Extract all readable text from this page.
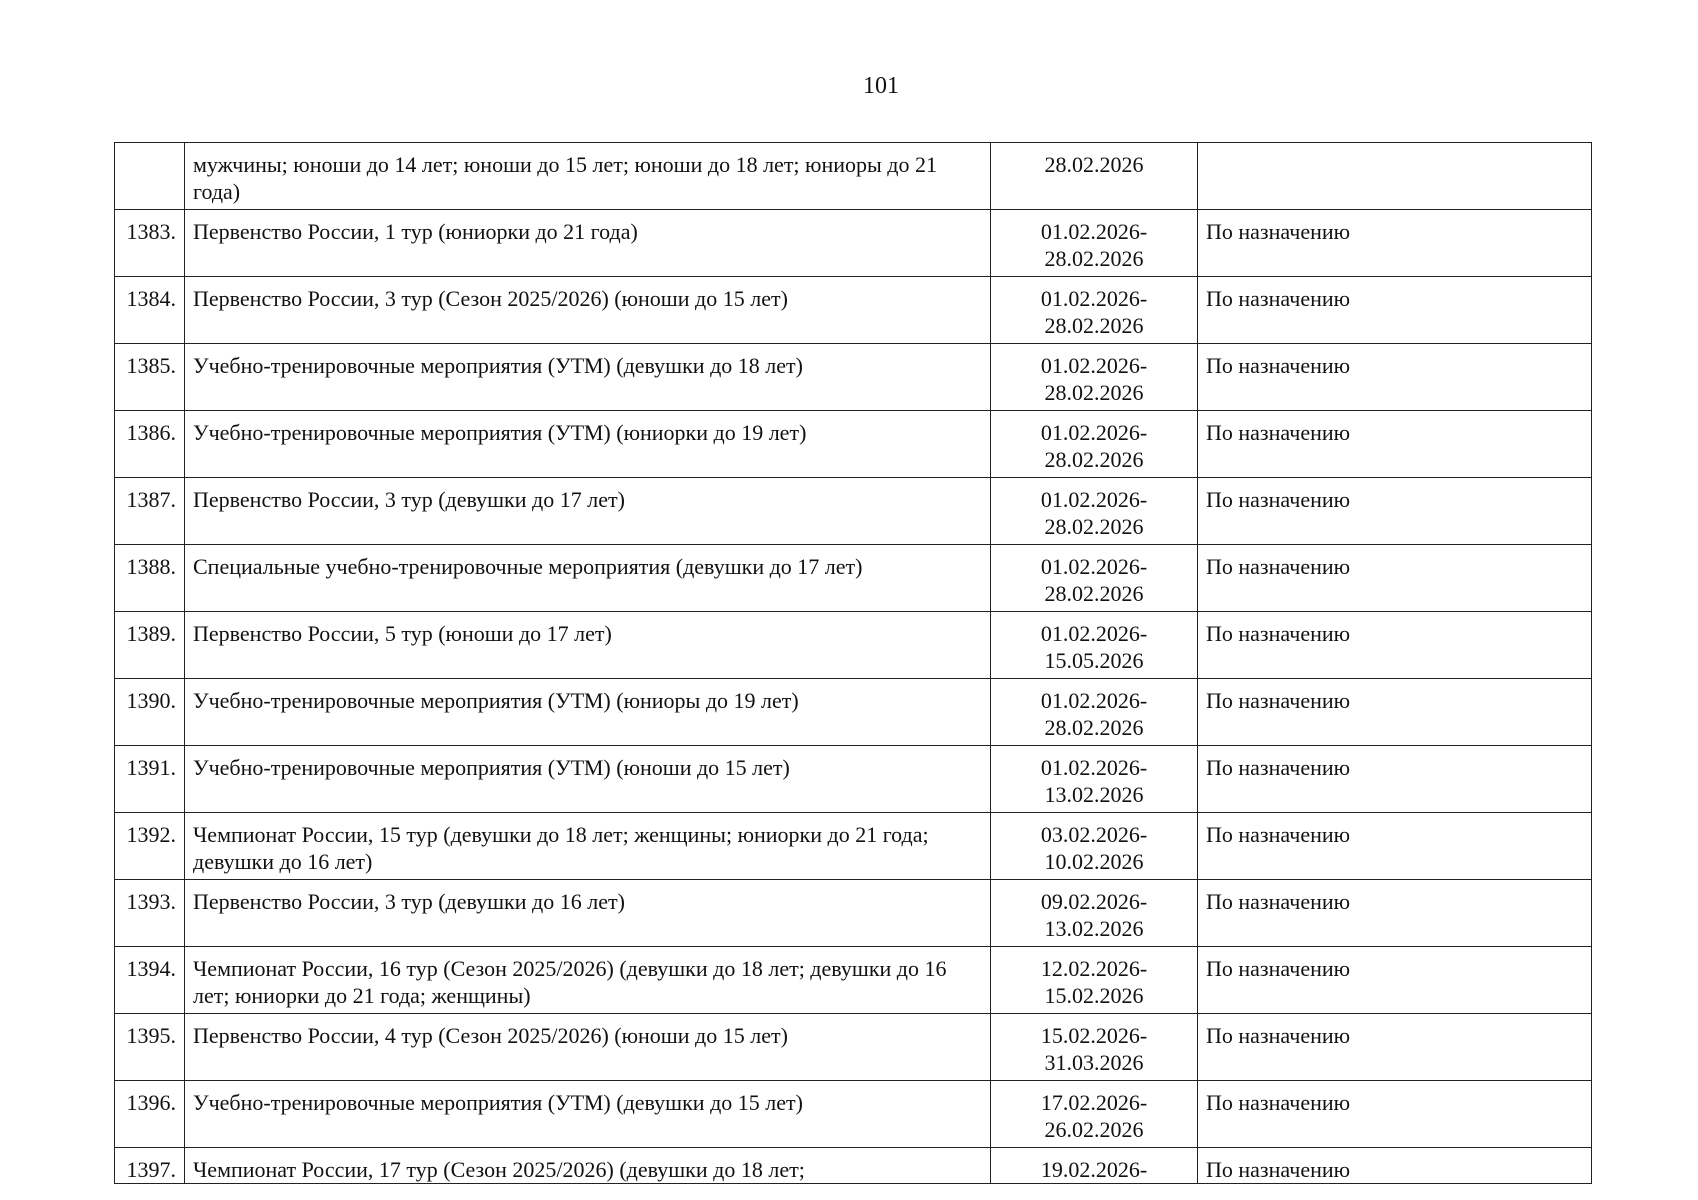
101
	мужчины; юноши до 14 лет; юноши до 15 лет; юноши до 18 лет; юниоры до 21 года)	28.02.2026	

1383.	Первенство России, 1 тур (юниорки до 21 года)	01.02.2026-
28.02.2026	По назначению
1384.	Первенство России, 3 тур (Сезон 2025/2026) (юноши до 15 лет)	01.02.2026-
28.02.2026	По назначению
1385.	Учебно-тренировочные мероприятия (УТМ) (девушки до 18 лет)	01.02.2026-
28.02.2026	По назначению
1386.	Учебно-тренировочные мероприятия (УТМ) (юниорки до 19 лет)	01.02.2026-
28.02.2026	По назначению
1387.	Первенство России, 3 тур (девушки до 17 лет)	01.02.2026-
28.02.2026	По назначению
1388.	Специальные учебно-тренировочные мероприятия (девушки до 17 лет)	01.02.2026-
28.02.2026	По назначению
1389.	Первенство России, 5 тур (юноши до 17 лет)	01.02.2026-
15.05.2026	По назначению
1390.	Учебно-тренировочные мероприятия (УТМ) (юниоры до 19 лет)	01.02.2026-
28.02.2026	По назначению
1391.	Учебно-тренировочные мероприятия (УТМ) (юноши до 15 лет)	01.02.2026-
13.02.2026	По назначению
1392.	Чемпионат России, 15 тур (девушки до 18 лет; женщины; юниорки до 21 года; девушки до 16 лет)	03.02.2026-
10.02.2026	По назначению
1393.	Первенство России, 3 тур (девушки до 16 лет)	09.02.2026-
13.02.2026	По назначению
1394.	Чемпионат России, 16 тур (Сезон 2025/2026) (девушки до 18 лет; девушки до 16 лет; юниорки до 21 года; женщины)	12.02.2026-
15.02.2026	По назначению
1395.	Первенство России, 4 тур (Сезон 2025/2026) (юноши до 15 лет)	15.02.2026-
31.03.2026	По назначению
1396.	Учебно-тренировочные мероприятия (УТМ) (девушки до 15 лет)	17.02.2026-
26.02.2026	По назначению
1397.	Чемпионат России, 17 тур (Сезон 2025/2026) (девушки до 18 лет;	19.02.2026-	По назначению
